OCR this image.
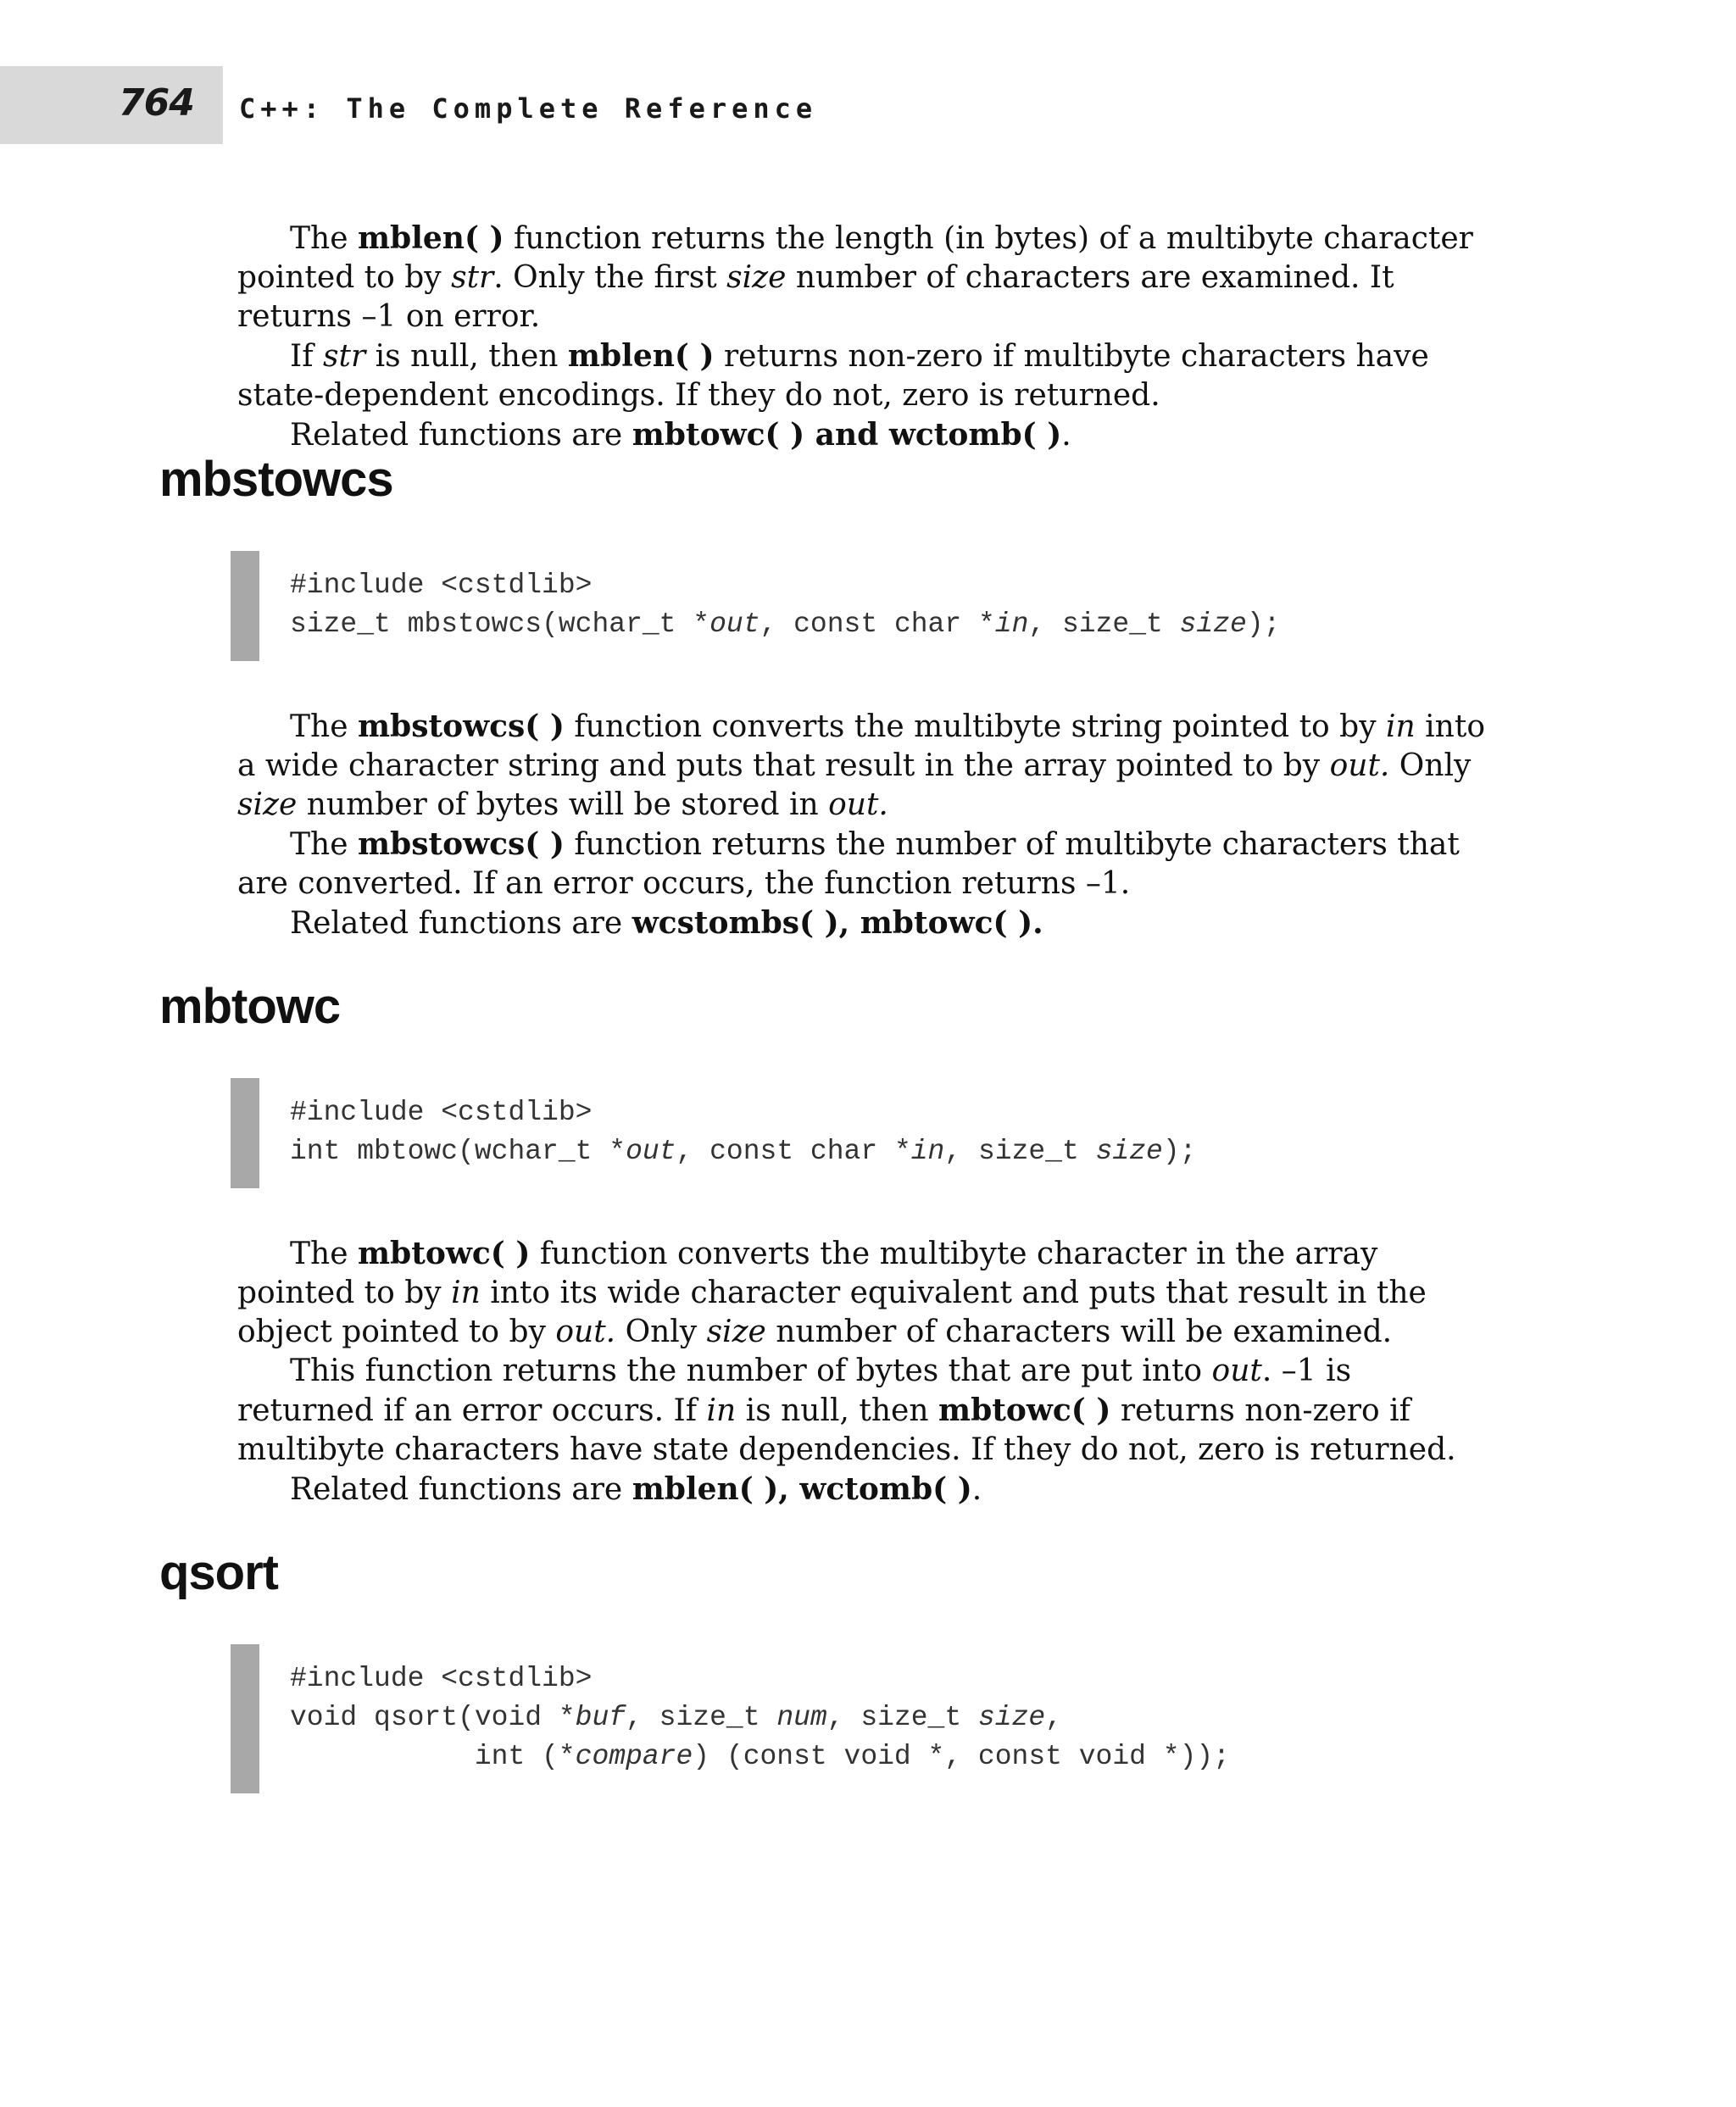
764 C++: The Complete Reference

The mblen( ) function returns the length (in bytes) of a multibyte character pointed to by str. Only the first size number of characters are examined. It returns –1 on error.

If str is null, then mblen( ) returns non-zero if multibyte characters have state-dependent encodings. If they do not, zero is returned.

Related functions are mbtowc( ) and wctomb( ).

mbstowcs
#include <cstdlib>
size_t mbstowcs(wchar_t *out, const char *in, size_t size);

The mbstowcs( ) function converts the multibyte string pointed to by in into a wide character string and puts that result in the array pointed to by out. Only size number of bytes will be stored in out.

The mbstowcs( ) function returns the number of multibyte characters that are converted. If an error occurs, the function returns –1.

Related functions are wcstombs( ), mbtowc( ).

mbtowc
#include <cstdlib>
int mbtowc(wchar_t *out, const char *in, size_t size);

The mbtowc( ) function converts the multibyte character in the array pointed to by in into its wide character equivalent and puts that result in the object pointed to by out. Only size number of characters will be examined.

This function returns the number of bytes that are put into out. –1 is returned if an error occurs. If in is null, then mbtowc( ) returns non-zero if multibyte characters have state dependencies. If they do not, zero is returned.

Related functions are mblen( ), wctomb( ).

qsort
#include <cstdlib>
void qsort(void *buf, size_t num, size_t size,
int (*compare) (const void *, const void *));
